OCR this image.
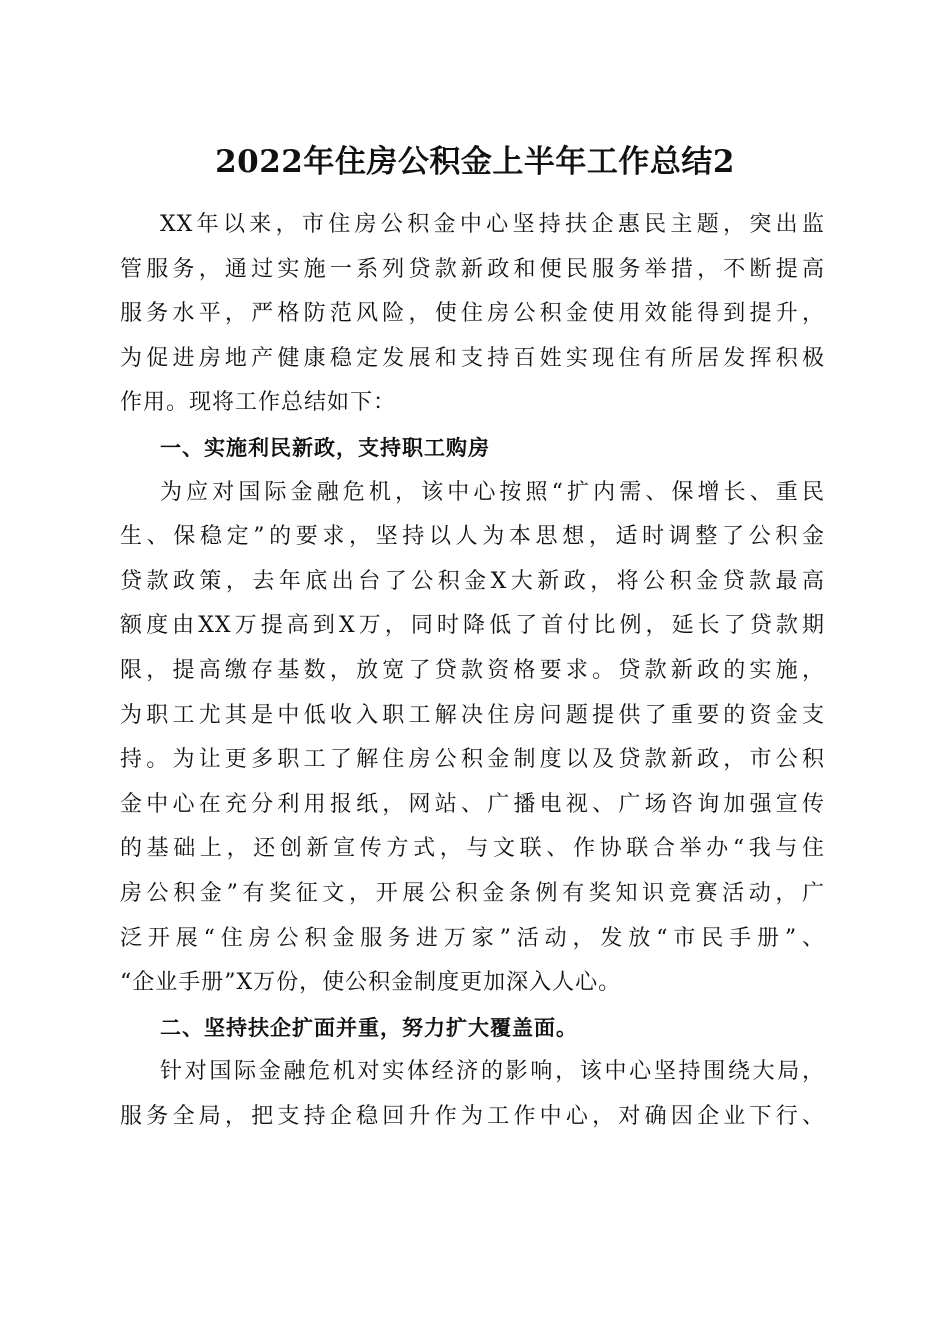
2022年住房公积金上半年工作总结2
XX年以来，市住房公积金中心坚持扶企惠民主题，突出监
管服务，通过实施一系列贷款新政和便民服务举措，不断提高
服务水平，严格防范风险，使住房公积金使用效能得到提升，
为促进房地产健康稳定发展和支持百姓实现住有所居发挥积极
作用。现将工作总结如下：
一、实施利民新政，支持职工购房
为应对国际金融危机，该中心按照“扩内需、保增长、重民
生、保稳定”的要求，坚持以人为本思想，适时调整了公积金
贷款政策，去年底出台了公积金X大新政，将公积金贷款最高
额度由XX万提高到X万，同时降低了首付比例，延长了贷款期
限，提高缴存基数，放宽了贷款资格要求。贷款新政的实施，
为职工尤其是中低收入职工解决住房问题提供了重要的资金支
持。为让更多职工了解住房公积金制度以及贷款新政，市公积
金中心在充分利用报纸，网站、广播电视、广场咨询加强宣传
的基础上，还创新宣传方式，与文联、作协联合举办“我与住
房公积金”有奖征文，开展公积金条例有奖知识竞赛活动，广
泛开展“住房公积金服务进万家”活动，发放“市民手册”、
“企业手册”X万份，使公积金制度更加深入人心。
二、坚持扶企扩面并重，努力扩大覆盖面。
针对国际金融危机对实体经济的影响，该中心坚持围绕大局，
服务全局，把支持企稳回升作为工作中心，对确因企业下行、
